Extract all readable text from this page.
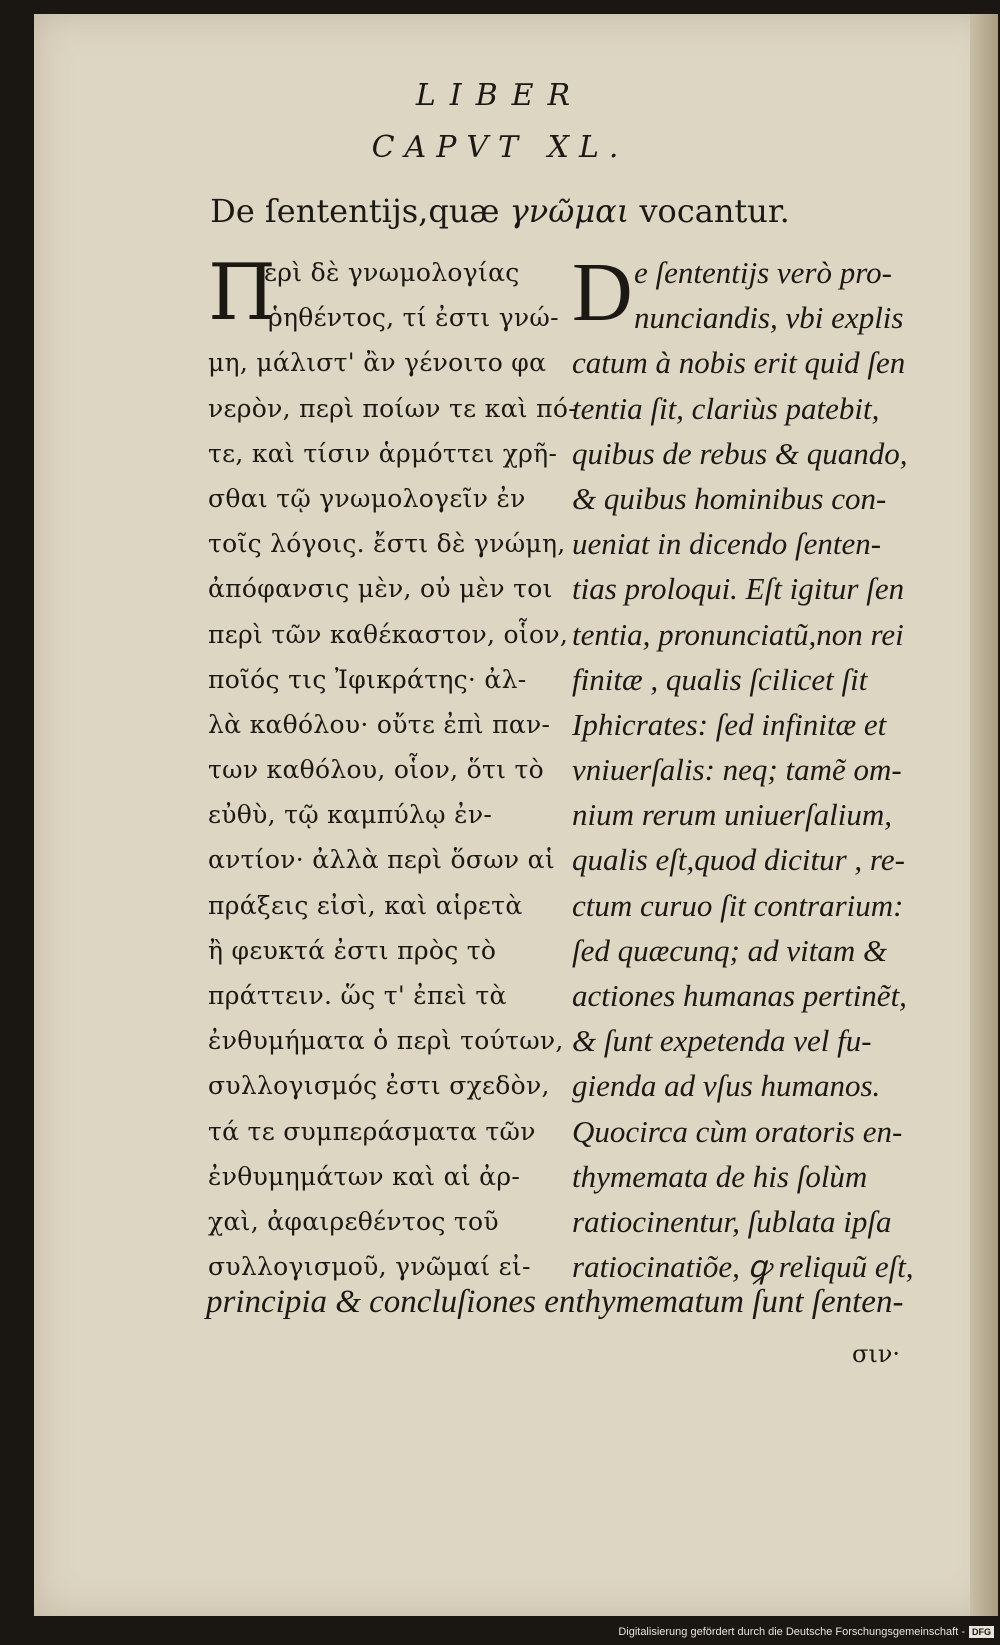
LIBER
CAPVT XL.
De ſententijs,quæ γνῶμαι vocantur.
Π
ερὶ δὲ γνωμολογίας
ῥηθέντος, τί ἐστι γνώ-
μη, μάλιστ' ἂν γένοιτο φα
νερὸν, περὶ ποίων τε καὶ πό-
τε, καὶ τίσιν ἁρμόττει χρῆ-
σθαι τῷ γνωμολογεῖν ἐν
τοῖς λόγοις. ἔστι δὲ γνώμη,
ἀπόφανσις μὲν, οὐ μὲν τοι
περὶ τῶν καθέκαστον, οἷον,
ποῖός τις Ἰφικράτης· ἀλ-
λὰ καθόλου· οὔτε ἐπὶ παν-
των καθόλου, οἷον, ὅτι τὸ
εὐθὺ, τῷ καμπύλῳ ἐν-
αντίον· ἀλλὰ περὶ ὅσων αἱ
πράξεις εἰσὶ, καὶ αἱρετὰ
ἢ φευκτά ἐστι πρὸς τὸ
πράττειν. ὥς τ' ἐπεὶ τὰ
ἐνθυμήματα ὁ περὶ τούτων,
συλλογισμός ἐστι σχεδὸν,
τά τε συμπεράσματα τῶν
ἐνθυμημάτων καὶ αἱ ἀρ-
χαὶ, ἀφαιρεθέντος τοῦ
συλλογισμοῦ, γνῶμαί εἰ-
D e ſententijs verò pro-
nunciandis, vbi explis
catum à nobis erit quid ſen
tentia ſit, clariùs patebit,
quibus de rebus & quando,
& quibus hominibus con-
ueniat in dicendo ſenten-
tias proloqui. Eſt igitur ſen
tentia, pronunciatũ,non rei
finitæ , qualis ſcilicet ſit
Iphicrates: ſed infinitæ et
vniuerſalis: neq; tamẽ om-
nium rerum uniuerſalium,
qualis eſt,quod dicitur , re-
ctum curuo ſit contrarium:
ſed quæcunq; ad vitam &
actiones humanas pertinẽt,
& ſunt expetenda vel fu-
gienda ad vſus humanos.
Quocirca cùm oratoris en-
thymemata de his ſolùm
ratiocinentur, ſublata ipſa
ratiocinatiõe, ꝙ reliquũ eſt,
principia & concluſiones enthymematum ſunt ſenten-
σιν·
Digitalisierung gefördert durch die Deutsche Forschungsgemeinschaft - DFG
